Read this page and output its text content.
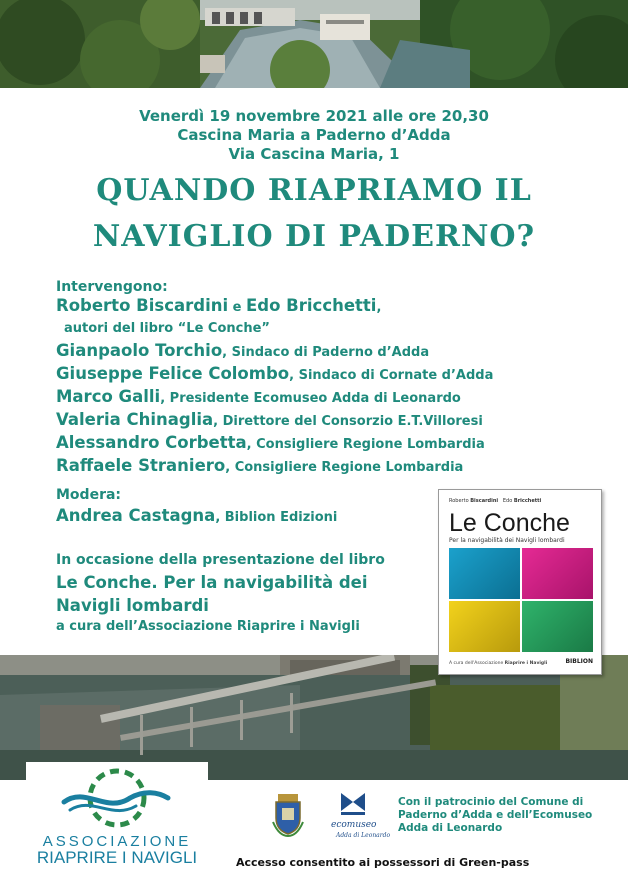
Venerdì 19 novembre 2021 alle ore 20,30
Cascina Maria a Paderno d’Adda
Via Cascina Maria, 1
QUANDO RIAPRIAMO IL
NAVIGLIO DI PADERNO?
Intervengono:
Roberto Biscardini e Edo Bricchetti,
autori del libro “Le Conche”
Gianpaolo Torchio, Sindaco di Paderno d’Adda
Giuseppe Felice Colombo, Sindaco di Cornate d’Adda
Marco Galli, Presidente Ecomuseo Adda di Leonardo
Valeria Chinaglia, Direttore del Consorzio E.T.Villoresi
Alessandro Corbetta, Consigliere Regione Lombardia
Raffaele Straniero, Consigliere Regione Lombardia
Modera:
Andrea Castagna, Biblion Edizioni
In occasione della presentazione del libro
Le Conche. Per la navigabilità dei
Navigli lombardi
a cura dell’Associazione Riaprire i Navigli
Roberto Biscardini Edo Bricchetti
Le Conche
Per la navigabilità dei Navigli lombardi
A cura dell'Associazione Riaprire i Navigli	BIBLION
ASSOCIAZIONE
RIAPRIRE I NAVIGLI
ecomuseo
Adda di Leonardo
Con il patrocinio del Comune di
Paderno d’Adda e dell’Ecomuseo
Adda di Leonardo
Accesso consentito ai possessori di Green-pass
